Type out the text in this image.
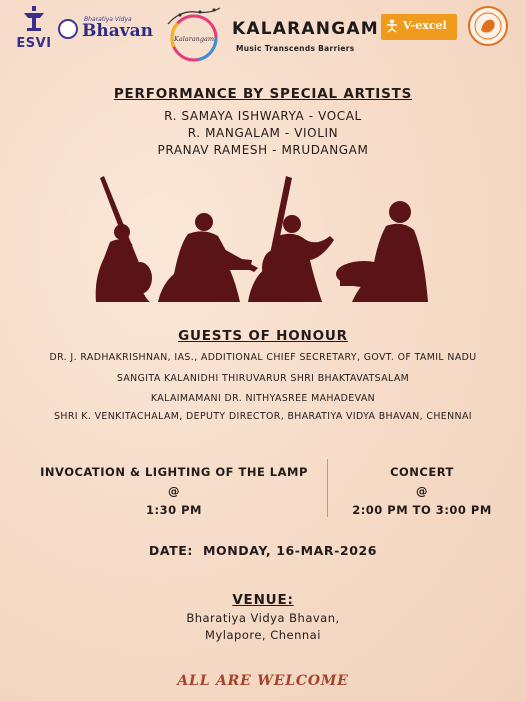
ESVI
Bharatiya Vidya
Bhavan	Kalarangam KALARANGAM
Music Transcends Barriers
V-excel
PERFORMANCE BY SPECIAL ARTISTS
R. SAMAYA ISHWARYA - VOCAL
R. MANGALAM - VIOLIN
PRANAV RAMESH - MRUDANGAM
GUESTS OF HONOUR
DR. J. RADHAKRISHNAN, IAS., ADDITIONAL CHIEF SECRETARY, GOVT. OF TAMIL NADU
SANGITA KALANIDHI THIRUVARUR SHRI BHAKTAVATSALAM
KALAIMAMANI DR. NITHYASREE MAHADEVAN
SHRI K. VENKITACHALAM, DEPUTY DIRECTOR, BHARATIYA VIDYA BHAVAN, CHENNAI
INVOCATION & LIGHTING OF THE LAMP
@
1:30 PM
CONCERT
@
2:00 PM TO 3:00 PM
DATE:  MONDAY, 16-MAR-2026
VENUE:
Bharatiya Vidya Bhavan,
Mylapore, Chennai
ALL ARE WELCOME
